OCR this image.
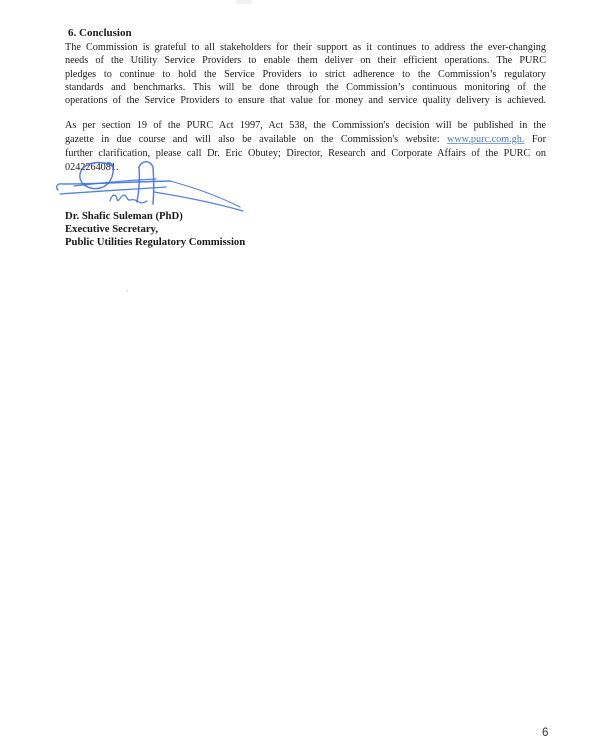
6. Conclusion
The Commission is grateful to all stakeholders for their support as it continues to address the ever-changing
needs of the Utility Service Providers to enable them deliver on their efficient operations. The PURC
pledges to continue to hold the Service Providers to strict adherence to the Commission’s regulatory
standards and benchmarks. This will be done through the Commission’s continuous monitoring of the
operations of the Service Providers to ensure that value for money and service quality delivery is achieved.
As per section 19 of the PURC Act 1997, Act 538, the Commission's decision will be published in the
gazette in due course and will also be available on the Commission's website: www.purc.com.gh. For
further clarification, please call Dr. Eric Obutey; Director, Research and Corporate Affairs of the PURC on
0242264081.
Dr. Shafic Suleman (PhD)
Executive Secretary,
Public Utilities Regulatory Commission
6
